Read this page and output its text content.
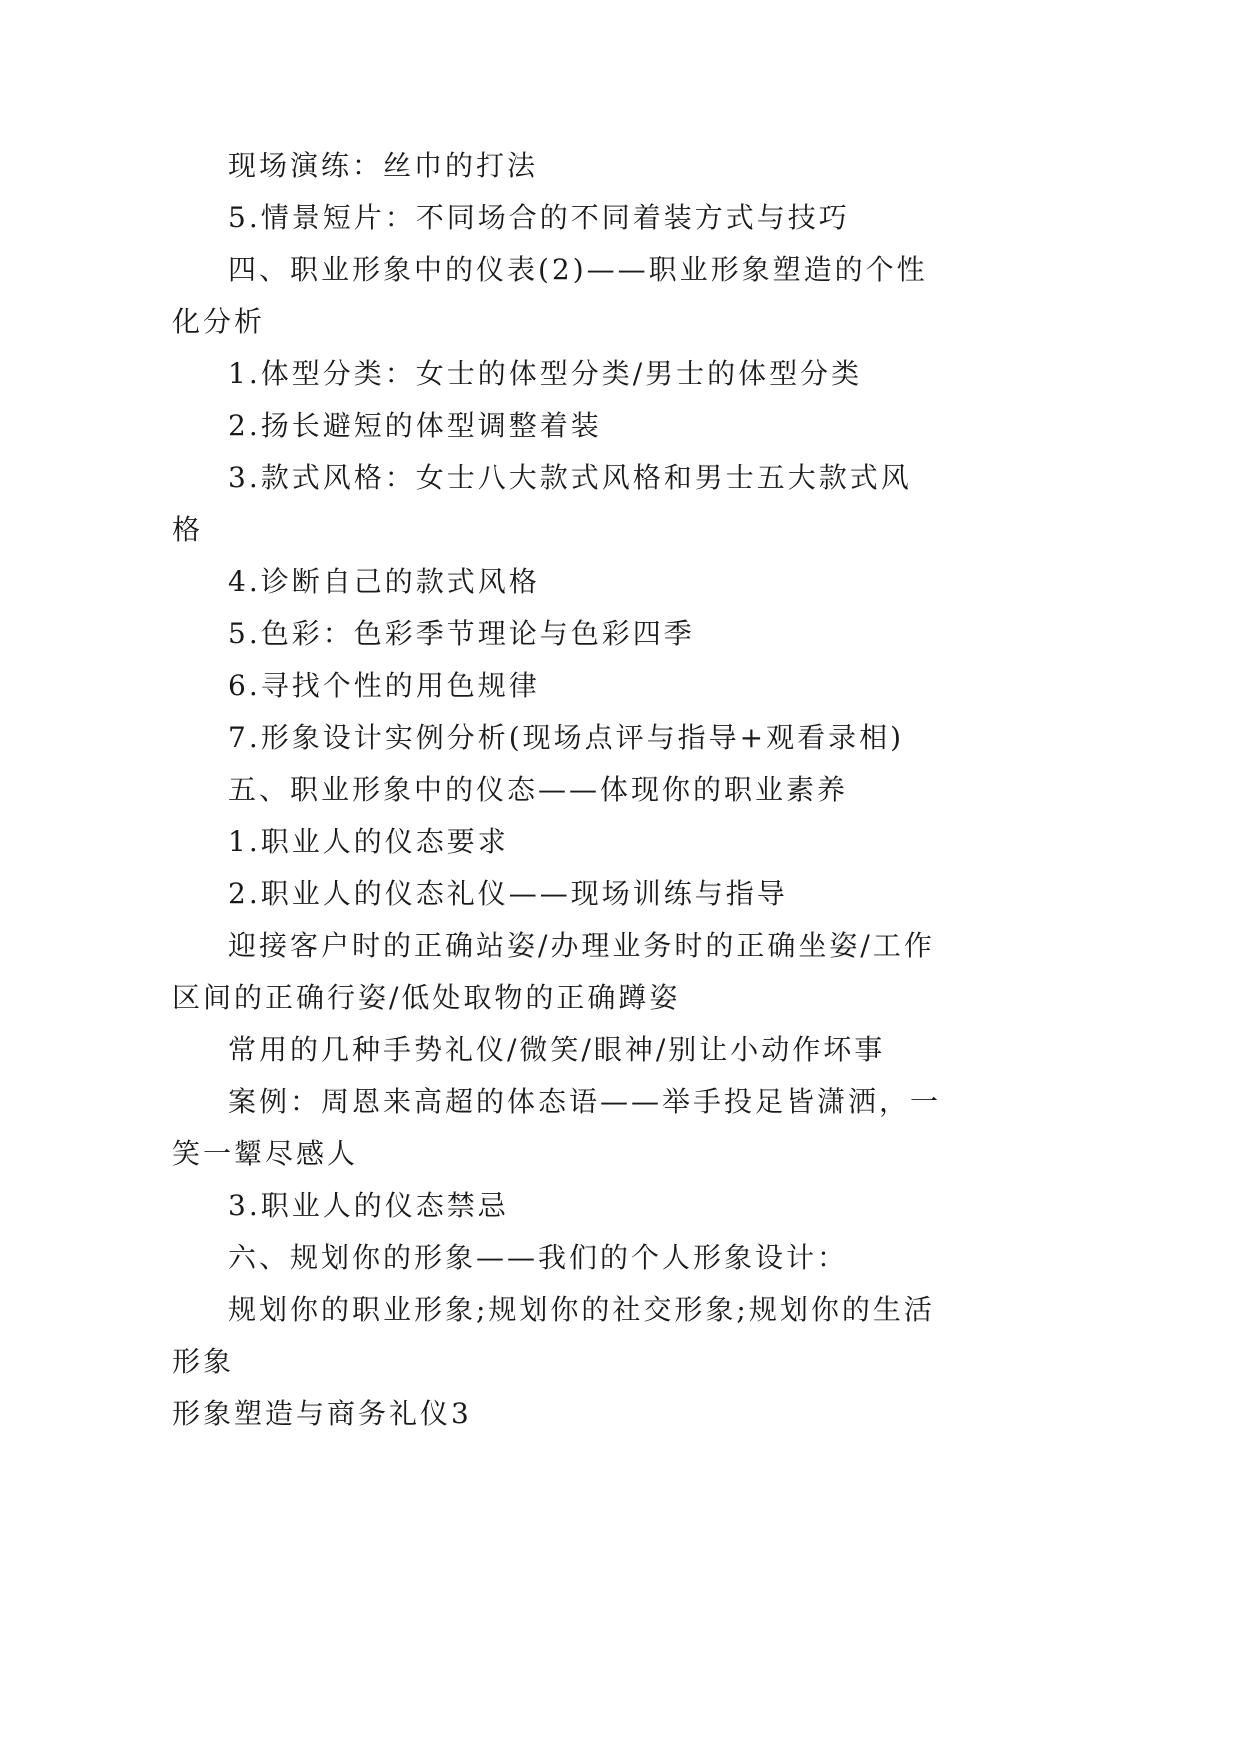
现场演练：丝巾的打法

5.情景短片：不同场合的不同着装方式与技巧

四、职业形象中的仪表(2)——职业形象塑造的个性化分析

1.体型分类：女士的体型分类/男士的体型分类

2.扬长避短的体型调整着装

3.款式风格：女士八大款式风格和男士五大款式风格

4.诊断自己的款式风格

5.色彩：色彩季节理论与色彩四季

6.寻找个性的用色规律

7.形象设计实例分析(现场点评与指导+观看录相)

五、职业形象中的仪态——体现你的职业素养

1.职业人的仪态要求

2.职业人的仪态礼仪——现场训练与指导

迎接客户时的正确站姿/办理业务时的正确坐姿/工作区间的正确行姿/低处取物的正确蹲姿

常用的几种手势礼仪/微笑/眼神/别让小动作坏事

案例：周恩来高超的体态语——举手投足皆潇洒，一笑一颦尽感人

3.职业人的仪态禁忌

六、规划你的形象——我们的个人形象设计：

规划你的职业形象;规划你的社交形象;规划你的生活形象

形象塑造与商务礼仪3
